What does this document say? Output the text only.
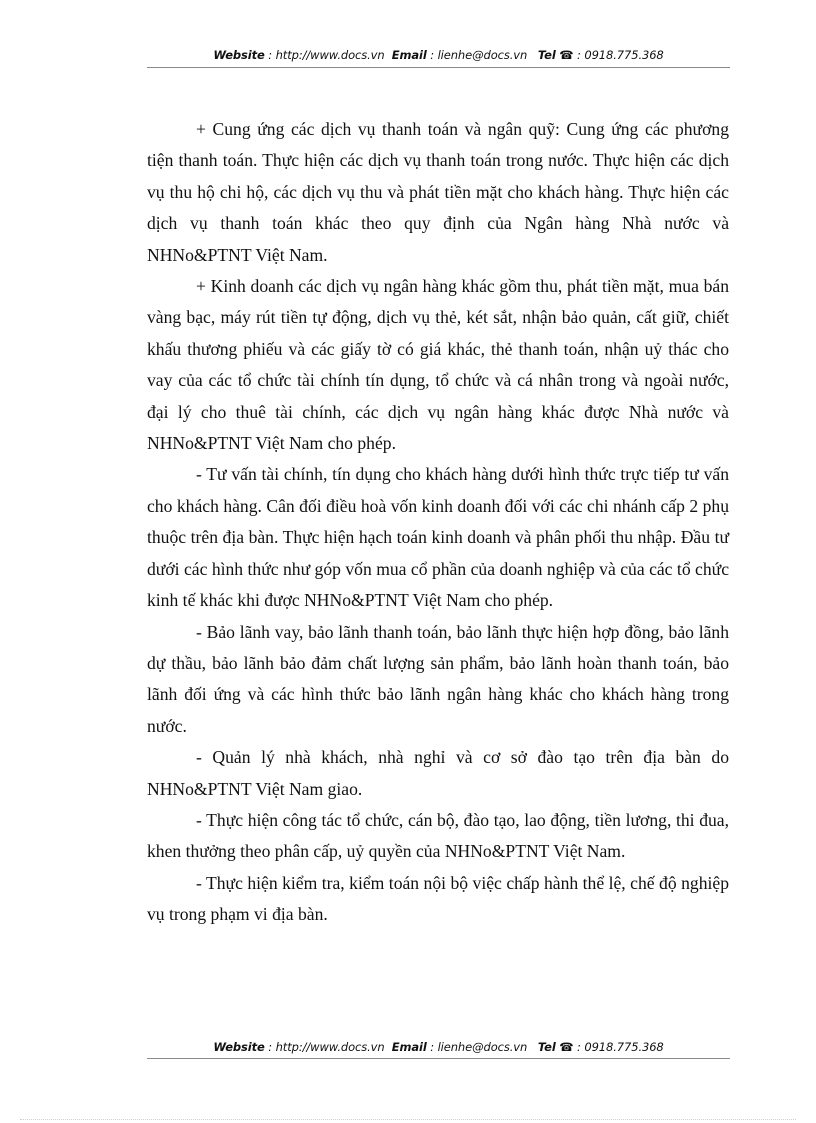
Website : http://www.docs.vn Email : lienhe@docs.vn Tel ☎ : 0918.775.368

+ Cung ứng các dịch vụ thanh toán và ngân quỹ: Cung ứng các phương tiện thanh toán. Thực hiện các dịch vụ thanh toán trong nước. Thực hiện các dịch vụ thu hộ chi hộ, các dịch vụ thu và phát tiền mặt cho khách hàng. Thực hiện các dịch vụ thanh toán khác theo quy định của Ngân hàng Nhà nước và NHNo&PTNT Việt Nam.

+ Kinh doanh các dịch vụ ngân hàng khác gồm thu, phát tiền mặt, mua bán vàng bạc, máy rút tiền tự động, dịch vụ thẻ, két sắt, nhận bảo quản, cất giữ, chiết khấu thương phiếu và các giấy tờ có giá khác, thẻ thanh toán, nhận uỷ thác cho vay của các tổ chức tài chính tín dụng, tổ chức và cá nhân trong và ngoài nước, đại lý cho thuê tài chính, các dịch vụ ngân hàng khác được Nhà nước và NHNo&PTNT Việt Nam cho phép.

- Tư vấn tài chính, tín dụng cho khách hàng dưới hình thức trực tiếp tư vấn cho khách hàng. Cân đối điều hoà vốn kinh doanh đối với các chi nhánh cấp 2 phụ thuộc trên địa bàn. Thực hiện hạch toán kinh doanh và phân phối thu nhập. Đầu tư dưới các hình thức như góp vốn mua cổ phần của doanh nghiệp và của các tổ chức kinh tế khác khi được NHNo&PTNT Việt Nam cho phép.

- Bảo lãnh vay, bảo lãnh thanh toán, bảo lãnh thực hiện hợp đồng, bảo lãnh dự thầu, bảo lãnh bảo đảm chất lượng sản phẩm, bảo lãnh hoàn thanh toán, bảo lãnh đối ứng và các hình thức bảo lãnh ngân hàng khác cho khách hàng trong nước.

- Quản lý nhà khách, nhà nghỉ và cơ sở đào tạo trên địa bàn do NHNo&PTNT Việt Nam giao.

- Thực hiện công tác tổ chức, cán bộ, đào tạo, lao động, tiền lương, thi đua, khen thưởng theo phân cấp, uỷ quyền của NHNo&PTNT Việt Nam.

- Thực hiện kiểm tra, kiểm toán nội bộ việc chấp hành thể lệ, chế độ nghiệp vụ trong phạm vi địa bàn.

Website : http://www.docs.vn Email : lienhe@docs.vn Tel ☎ : 0918.775.368
